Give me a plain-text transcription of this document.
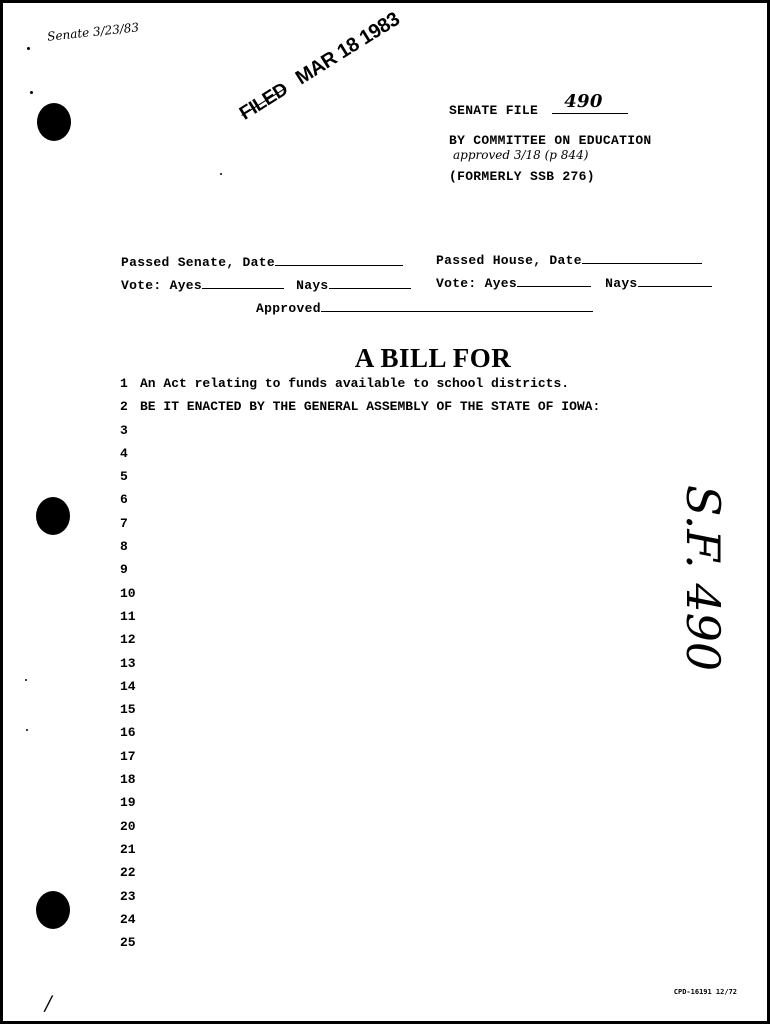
Senate 3/23/83
FILEDMAR 18 1983
SENATE FILE 490
BY COMMITTEE ON EDUCATION
approved 3/18 (p 844)
(FORMERLY SSB 276)
Passed Senate, Date	Passed House, Date
Vote: Ayes	Nays	Vote: Ayes	Nays
Approved
A BILL FOR
1 An Act relating to funds available to school districts.
2 BE IT ENACTED BY THE GENERAL ASSEMBLY OF THE STATE OF IOWA:
3
4
5
6
7
8
9
10
11
12
13
14
15
16
17
18
19
20
21
22
23
24
25
S.F. 490
∕	CPD-16191 12/72
